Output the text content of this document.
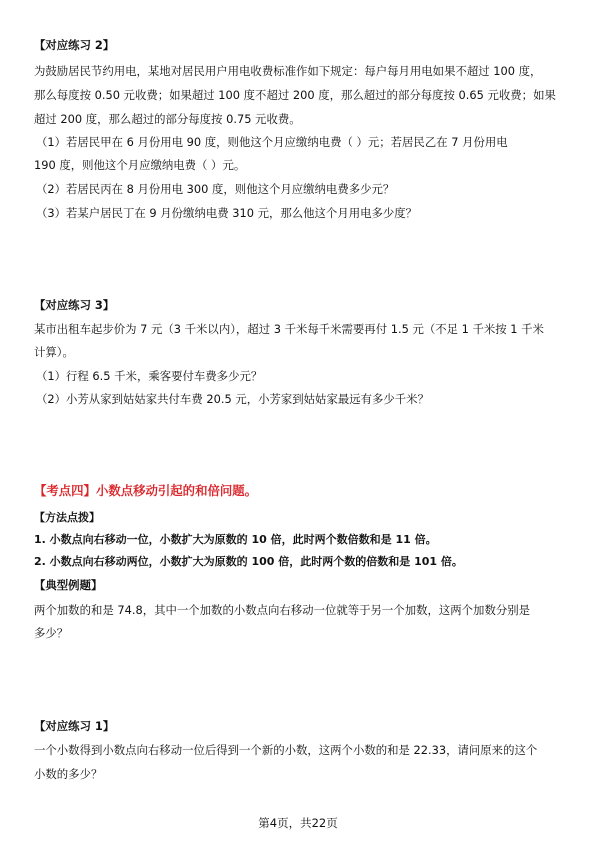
【对应练习 2】
为鼓励居民节约用电，某地对居民用户用电收费标准作如下规定：每户每月用电如果不超过 100 度，
那么每度按 0.50 元收费；如果超过 100 度不超过 200 度，那么超过的部分每度按 0.65 元收费；如果
超过 200 度，那么超过的部分每度按 0.75 元收费。
（1）若居民甲在 6 月份用电 90 度，则他这个月应缴纳电费（ ）元；若居民乙在 7 月份用电
190 度，则他这个月应缴纳电费（ ）元。
（2）若居民丙在 8 月份用电 300 度，则他这个月应缴纳电费多少元？
（3）若某户居民丁在 9 月份缴纳电费 310 元，那么他这个月用电多少度？
【对应练习 3】
某市出租车起步价为 7 元（3 千米以内），超过 3 千米每千米需要再付 1.5 元（不足 1 千米按 1 千米
计算）。
（1）行程 6.5 千米，乘客要付车费多少元？
（2）小芳从家到姑姑家共付车费 20.5 元，小芳家到姑姑家最远有多少千米？
【考点四】小数点移动引起的和倍问题。
【方法点拨】
1. 小数点向右移动一位，小数扩大为原数的 10 倍，此时两个数倍数和是 11 倍。
2. 小数点向右移动两位，小数扩大为原数的 100 倍，此时两个数的倍数和是 101 倍。
【典型例题】
两个加数的和是 74.8，其中一个加数的小数点向右移动一位就等于另一个加数，这两个加数分别是
多少？
【对应练习 1】
一个小数得到小数点向右移动一位后得到一个新的小数，这两个小数的和是 22.33，请问原来的这个
小数的多少？
第4页，共22页
